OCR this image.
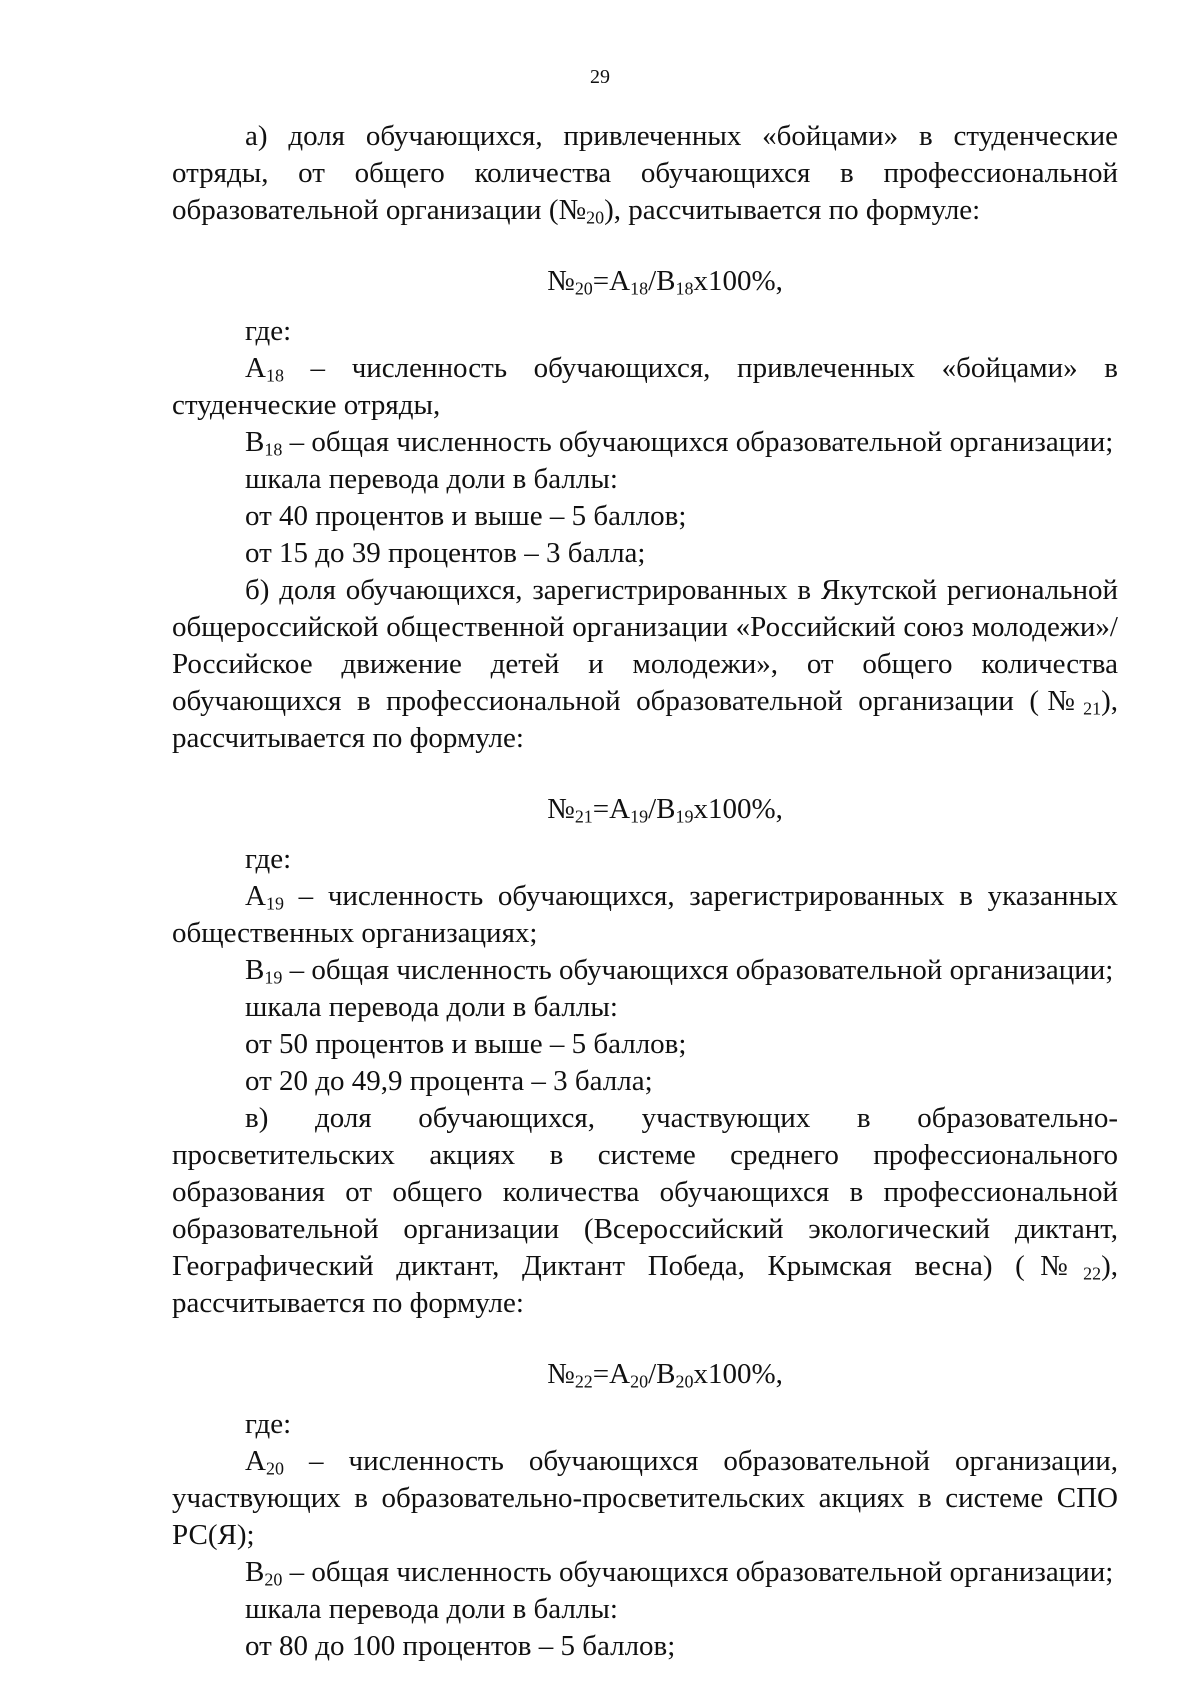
29

а) доля обучающихся, привлеченных «бойцами» в студенческие отряды, от общего количества обучающихся в профессиональной образовательной организации $(№_{20})$, рассчитывается по формуле:

$№_{20}=A_{18}/B_{18}x100\%$,

где:

$A_{18}$ – численность обучающихся, привлеченных «бойцами» в студенческие отряды,

$B_{18}$ – общая численность обучающихся образовательной организации;

шкала перевода доли в баллы:

от 40 процентов и выше – 5 баллов;

от 15 до 39 процентов – 3 балла;

б) доля обучающихся, зарегистрированных в Якутской региональной общероссийской общественной организации «Российский союз молодежи»/Российское движение детей и молодежи», от общего количества обучающихся в профессиональной образовательной организации $(№_{21})$, рассчитывается по формуле:

$№_{21}=A_{19}/B_{19}x100\%$,

где:

$A_{19}$ – численность обучающихся, зарегистрированных в указанных общественных организациях;

$B_{19}$ – общая численность обучающихся образовательной организации;

шкала перевода доли в баллы:

от 50 процентов и выше – 5 баллов;

от 20 до 49,9 процента – 3 балла;

в) доля обучающихся, участвующих в образовательно-просветительских акциях в системе среднего профессионального образования от общего количества обучающихся в профессиональной образовательной организации (Всероссийский экологический диктант, Географический диктант, Диктант Победа, Крымская весна) $(№_{22})$, рассчитывается по формуле:

$№_{22}=A_{20}/B_{20}x100\%$,

где:

$A_{20}$ – численность обучающихся образовательной организации, участвующих в образовательно-просветительских акциях в системе СПО РС(Я);

$B_{20}$ – общая численность обучающихся образовательной организации;

шкала перевода доли в баллы:

от 80 до 100 процентов – 5 баллов;
